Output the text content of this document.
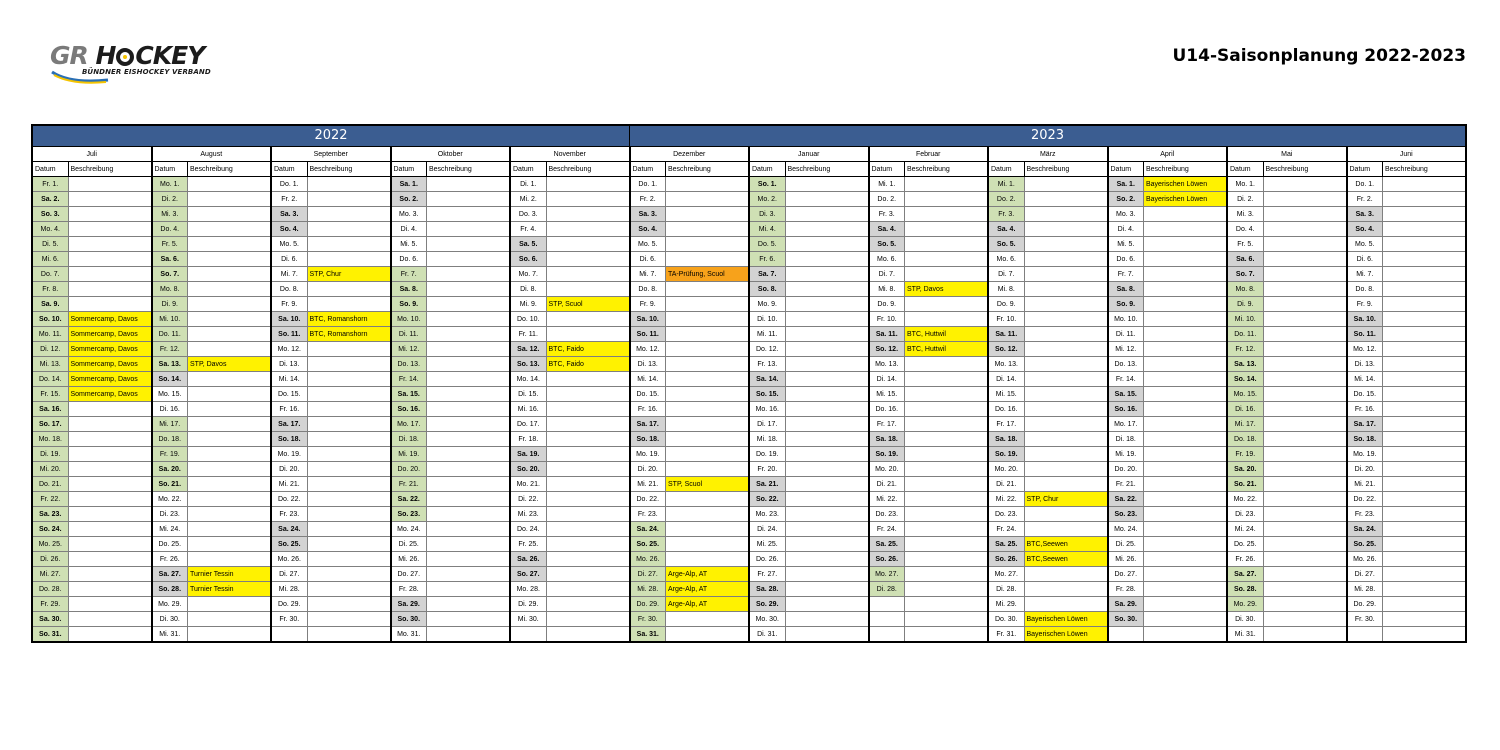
GR H CKEY
BÜNDNER EISHOCKEY VERBAND
U14-Saisonplanung 2022-2023
2022										2023													
Juli		August		September		Oktober		November		Dezember		Januar		Februar		März		April		Mai		Juni	
Datum	Beschreibung	Datum	Beschreibung	Datum	Beschreibung	Datum	Beschreibung	Datum	Beschreibung	Datum	Beschreibung	Datum	Beschreibung	Datum	Beschreibung	Datum	Beschreibung	Datum	Beschreibung	Datum	Beschreibung	Datum	Beschreibung
Fr. 1.		Mo. 1.		Do. 1.		Sa. 1.		Di. 1.		Do. 1.		So. 1.		Mi. 1.		Mi. 1.		Sa. 1.	Bayerischen Löwen	Mo. 1.		Do. 1.	
Sa. 2.		Di. 2.		Fr. 2.		So. 2.		Mi. 2.		Fr. 2.		Mo. 2.		Do. 2.		Do. 2.		So. 2.	Bayerischen Löwen	Di. 2.		Fr. 2.	
So. 3.		Mi. 3.		Sa. 3.		Mo. 3.		Do. 3.		Sa. 3.		Di. 3.		Fr. 3.		Fr. 3.		Mo. 3.		Mi. 3.		Sa. 3.	
Mo. 4.		Do. 4.		So. 4.		Di. 4.		Fr. 4.		So. 4.		Mi. 4.		Sa. 4.		Sa. 4.		Di. 4.		Do. 4.		So. 4.	
Di. 5.		Fr. 5.		Mo. 5.		Mi. 5.		Sa. 5.		Mo. 5.		Do. 5.		So. 5.		So. 5.		Mi. 5.		Fr. 5.		Mo. 5.	
Mi. 6.		Sa. 6.		Di. 6.		Do. 6.		So. 6.		Di. 6.		Fr. 6.		Mo. 6.		Mo. 6.		Do. 6.		Sa. 6.		Di. 6.	
Do. 7.		So. 7.		Mi. 7.	STP, Chur	Fr. 7.		Mo. 7.		Mi. 7.	TA-Prüfung, Scuol	Sa. 7.		Di. 7.		Di. 7.		Fr. 7.		So. 7.		Mi. 7.	
Fr. 8.		Mo. 8.		Do. 8.		Sa. 8.		Di. 8.		Do. 8.		So. 8.		Mi. 8.	STP, Davos	Mi. 8.		Sa. 8.		Mo. 8.		Do. 8.	
Sa. 9.		Di. 9.		Fr. 9.		So. 9.		Mi. 9.	STP, Scuol	Fr. 9.		Mo. 9.		Do. 9.		Do. 9.		So. 9.		Di. 9.		Fr. 9.	
So. 10.	Sommercamp, Davos	Mi. 10.		Sa. 10.	BTC, Romanshorn	Mo. 10.		Do. 10.		Sa. 10.		Di. 10.		Fr. 10.		Fr. 10.		Mo. 10.		Mi. 10.		Sa. 10.	
Mo. 11.	Sommercamp, Davos	Do. 11.		So. 11.	BTC, Romanshorn	Di. 11.		Fr. 11.		So. 11.		Mi. 11.		Sa. 11.	BTC, Huttwil	Sa. 11.		Di. 11.		Do. 11.		So. 11.	
Di. 12.	Sommercamp, Davos	Fr. 12.		Mo. 12.		Mi. 12.		Sa. 12.	BTC, Faido	Mo. 12.		Do. 12.		So. 12.	BTC, Huttwil	So. 12.		Mi. 12.		Fr. 12.		Mo. 12.	
Mi. 13.	Sommercamp, Davos	Sa. 13.	STP, Davos	Di. 13.		Do. 13.		So. 13.	BTC, Faido	Di. 13.		Fr. 13.		Mo. 13.		Mo. 13.		Do. 13.		Sa. 13.		Di. 13.	
Do. 14.	Sommercamp, Davos	So. 14.		Mi. 14.		Fr. 14.		Mo. 14.		Mi. 14.		Sa. 14.		Di. 14.		Di. 14.		Fr. 14.		So. 14.		Mi. 14.	
Fr. 15.	Sommercamp, Davos	Mo. 15.		Do. 15.		Sa. 15.		Di. 15.		Do. 15.		So. 15.		Mi. 15.		Mi. 15.		Sa. 15.		Mo. 15.		Do. 15.	
Sa. 16.		Di. 16.		Fr. 16.		So. 16.		Mi. 16.		Fr. 16.		Mo. 16.		Do. 16.		Do. 16.		So. 16.		Di. 16.		Fr. 16.	
So. 17.		Mi. 17.		Sa. 17.		Mo. 17.		Do. 17.		Sa. 17.		Di. 17.		Fr. 17.		Fr. 17.		Mo. 17.		Mi. 17.		Sa. 17.	
Mo. 18.		Do. 18.		So. 18.		Di. 18.		Fr. 18.		So. 18.		Mi. 18.		Sa. 18.		Sa. 18.		Di. 18.		Do. 18.		So. 18.	
Di. 19.		Fr. 19.		Mo. 19.		Mi. 19.		Sa. 19.		Mo. 19.		Do. 19.		So. 19.		So. 19.		Mi. 19.		Fr. 19.		Mo. 19.	
Mi. 20.		Sa. 20.		Di. 20.		Do. 20.		So. 20.		Di. 20.		Fr. 20.		Mo. 20.		Mo. 20.		Do. 20.		Sa. 20.		Di. 20.	
Do. 21.		So. 21.		Mi. 21.		Fr. 21.		Mo. 21.		Mi. 21.	STP, Scuol	Sa. 21.		Di. 21.		Di. 21.		Fr. 21.		So. 21.		Mi. 21.	
Fr. 22.		Mo. 22.		Do. 22.		Sa. 22.		Di. 22.		Do. 22.		So. 22.		Mi. 22.		Mi. 22.	STP, Chur	Sa. 22.		Mo. 22.		Do. 22.	
Sa. 23.		Di. 23.		Fr. 23.		So. 23.		Mi. 23.		Fr. 23.		Mo. 23.		Do. 23.		Do. 23.		So. 23.		Di. 23.		Fr. 23.	
So. 24.		Mi. 24.		Sa. 24.		Mo. 24.		Do. 24.		Sa. 24.		Di. 24.		Fr. 24.		Fr. 24.		Mo. 24.		Mi. 24.		Sa. 24.	
Mo. 25.		Do. 25.		So. 25.		Di. 25.		Fr. 25.		So. 25.		Mi. 25.		Sa. 25.		Sa. 25.	BTC,Seewen	Di. 25.		Do. 25.		So. 25.	
Di. 26.		Fr. 26.		Mo. 26.		Mi. 26.		Sa. 26.		Mo. 26.		Do. 26.		So. 26.		So. 26.	BTC,Seewen	Mi. 26.		Fr. 26.		Mo. 26.	
Mi. 27.		Sa. 27.	Turnier Tessin	Di. 27.		Do. 27.		So. 27.		Di. 27.	Arge-Alp, AT	Fr. 27.		Mo. 27.		Mo. 27.		Do. 27.		Sa. 27.		Di. 27.	
Do. 28.		So. 28.	Turnier Tessin	Mi. 28.		Fr. 28.		Mo. 28.		Mi. 28.	Arge-Alp, AT	Sa. 28.		Di. 28.		Di. 28.		Fr. 28.		So. 28.		Mi. 28.	
Fr. 29.		Mo. 29.		Do. 29.		Sa. 29.		Di. 29.		Do. 29.	Arge-Alp, AT	So. 29.				Mi. 29.		Sa. 29.		Mo. 29.		Do. 29.	
Sa. 30.		Di. 30.		Fr. 30.		So. 30.		Mi. 30.		Fr. 30.		Mo. 30.				Do. 30.	Bayerischen Löwen	So. 30.		Di. 30.		Fr. 30.	
So. 31.		Mi. 31.				Mo. 31.				Sa. 31.		Di. 31.				Fr. 31.	Bayerischen Löwen			Mi. 31.			
